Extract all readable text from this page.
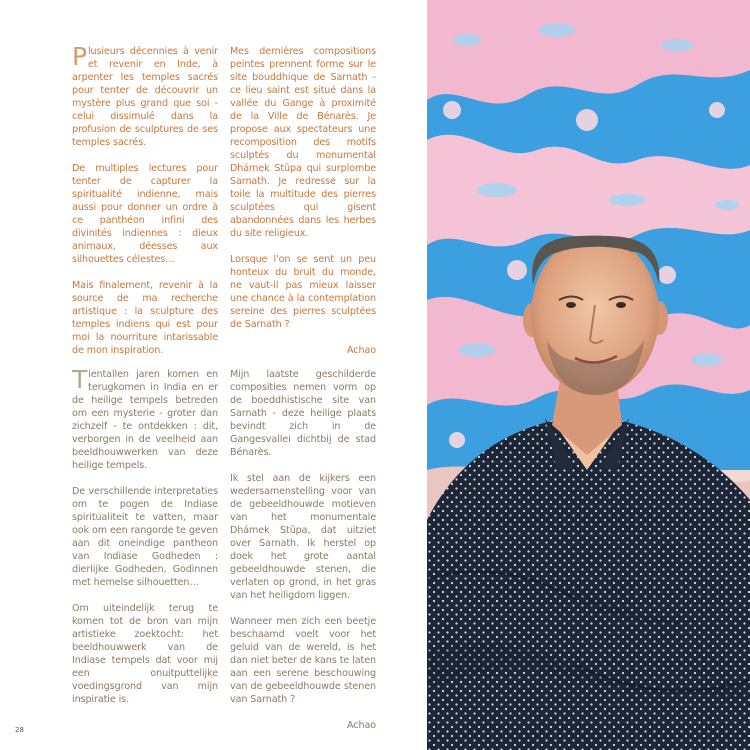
Plusieurs décennies à venir et revenir en Inde, à arpenter les temples sacrés pour tenter de découvrir un mystère plus grand que soi - celui dissimulé dans la profusion de sculptures de ses temples sacrés.

De multiples lectures pour tenter de capturer la spiritualité indienne, mais aussi pour donner un ordre à ce panthéon infini des divinités indiennes : dieux animaux, déesses aux silhouettes célestes…

Mais finalement, revenir à la source de ma recherche artistique : la sculpture des temples indiens qui est pour moi la nourriture intarissable de mon inspiration.

Mes dernières compositions peintes prennent forme sur le site bouddhique de Sarnath - ce lieu saint est situé dans la vallée du Gange à proximité de la Ville de Bénarès. Je propose aux spectateurs une recomposition des motifs sculptés du monumental Dhámek Stūpa qui surplombe Sarnath. Je redresse sur la toile la multitude des pierres sculptées qui gisent abandonnées dans les herbes du site religieux.

Lorsque l'on se sent un peu honteux du bruit du monde, ne vaut-il pas mieux laisser une chance à la contemplation sereine des pierres sculptées de Sarnath ?

Achao

Tientallen jaren komen en terugkomen in India en er de heilige tempels betreden om een mysterie - groter dan zichzelf - te ontdekken : dit, verborgen in de veelheid aan beeldhouwwerken van deze heilige tempels.

De verschillende interpretaties om te pogen de Indiase spiritualiteit te vatten, maar ook om een rangorde te geven aan dit oneindige pantheon van Indiase Godheden : dierlijke Godheden, Godinnen met hemelse silhouetten…

Om uiteindelijk terug te komen tot de bron van mijn artistieke zoektocht: het beeldhouwwerk van de Indiase tempels dat voor mij een onuitputtelijke voedingsgrond van mijn inspiratie is.

Mijn laatste geschilderde composities nemen vorm op de boeddhistische site van Sarnath - deze heilige plaats bevindt zich in de Gangesvallei dichtbij de stad Bénarès.

Ik stel aan de kijkers een wedersamenstelling voor van de gebeeldhouwde motieven van het monumentale Dhámek Stūpa, dat uitziet over Sarnath. Ik herstel op doek het grote aantal gebeeldhouwde stenen, die verlaten op grond, in het gras van het heiligdom liggen.

Wanneer men zich een beetje beschaamd voelt voor het geluid van de wereld, is het dan niet beter de kans te laten aan een serene beschouwing van de gebeeldhouwde stenen van Sarnath ?

Achao

28
